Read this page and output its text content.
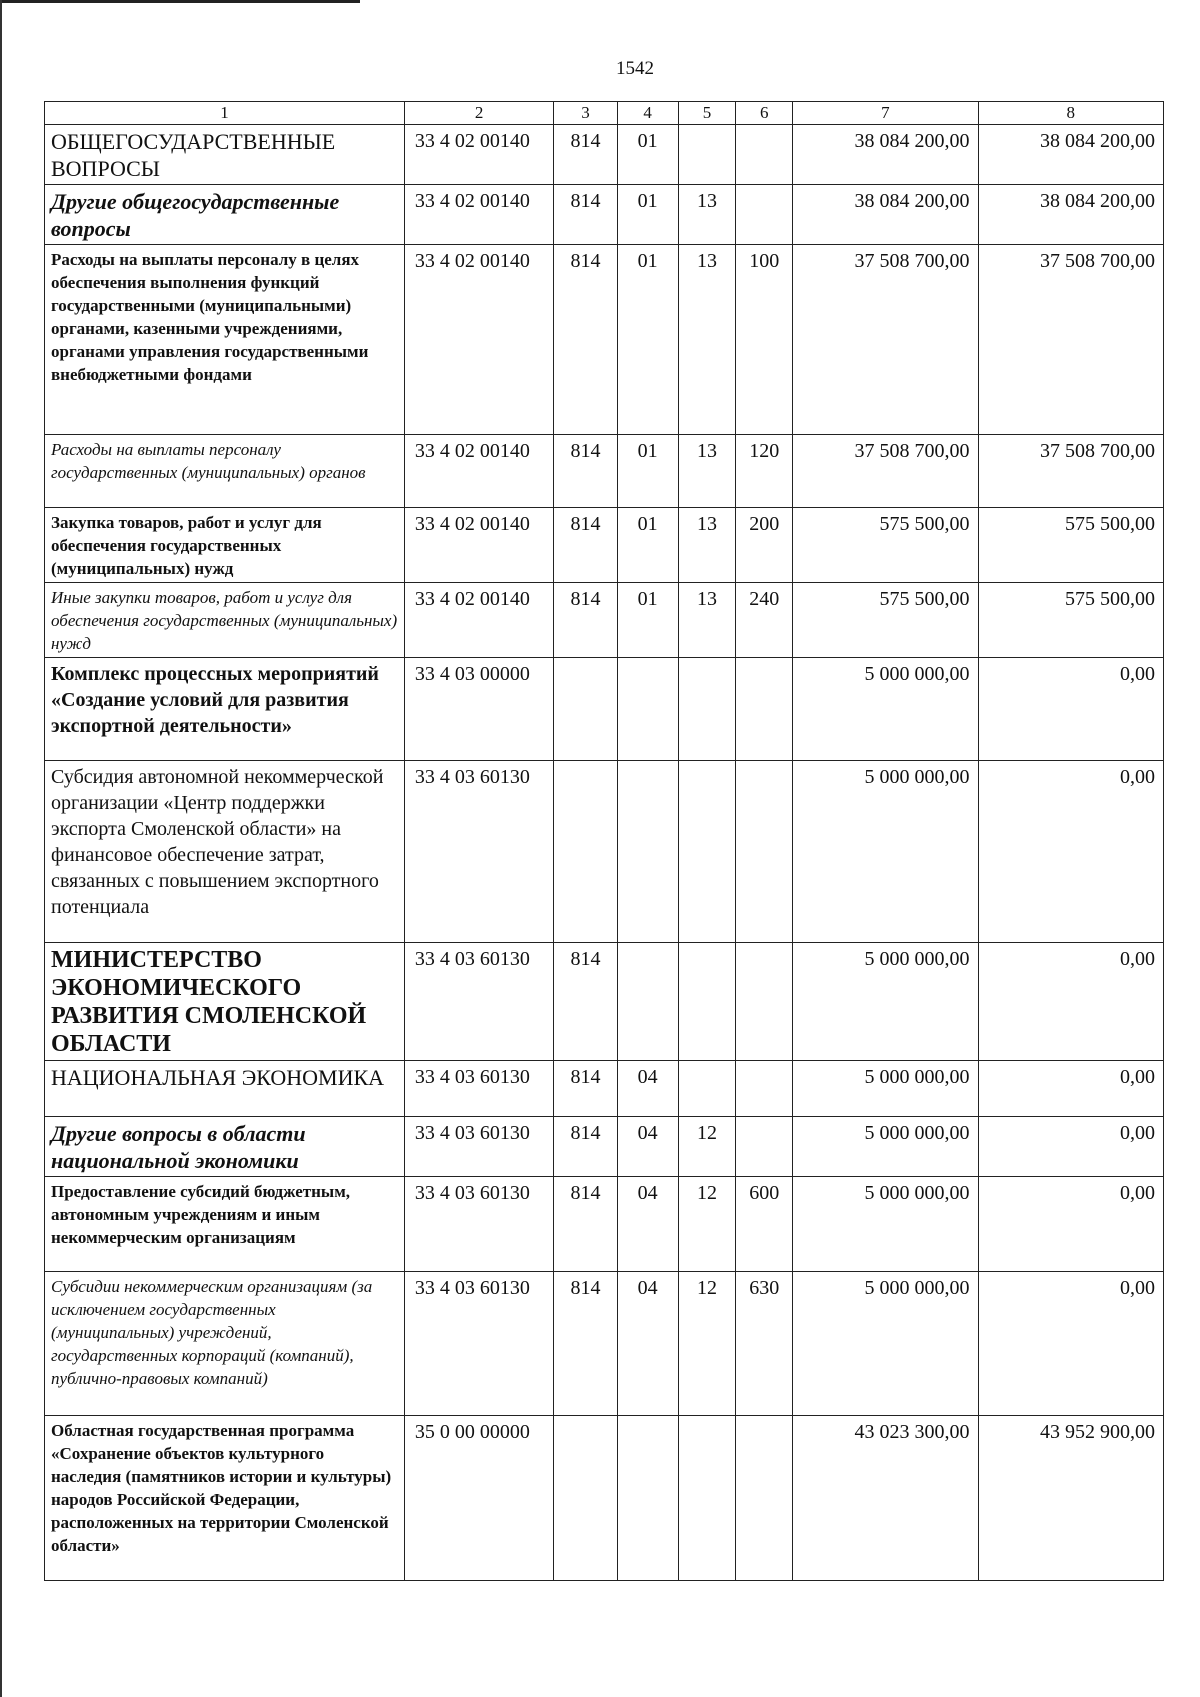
1542
1	2	3	4	5	6	7	8
ОБЩЕГОСУДАРСТВЕННЫЕ ВОПРОСЫ	33 4 02 00140	814	01			38 084 200,00	38 084 200,00
Другие общегосударственные вопросы	33 4 02 00140	814	01	13		38 084 200,00	38 084 200,00
Расходы на выплаты персоналу в целях обеспечения выполнения функций государственными (муниципальными) органами, казенными учреждениями, органами управления государственными внебюджетными фондами	33 4 02 00140	814	01	13	100	37 508 700,00	37 508 700,00
Расходы на выплаты персоналу государственных (муниципальных) органов	33 4 02 00140	814	01	13	120	37 508 700,00	37 508 700,00
Закупка товаров, работ и услуг для обеспечения государственных (муниципальных) нужд	33 4 02 00140	814	01	13	200	575 500,00	575 500,00
Иные закупки товаров, работ и услуг для обеспечения государственных (муниципальных) нужд	33 4 02 00140	814	01	13	240	575 500,00	575 500,00
Комплекс процессных мероприятий «Создание условий для развития экспортной деятельности»	33 4 03 00000					5 000 000,00	0,00
Субсидия автономной некоммерческой организации «Центр поддержки экспорта Смоленской области» на финансовое обеспечение затрат, связанных с повышением экспортного потенциала	33 4 03 60130					5 000 000,00	0,00
МИНИСТЕРСТВО ЭКОНОМИЧЕСКОГО РАЗВИТИЯ СМОЛЕНСКОЙ ОБЛАСТИ	33 4 03 60130	814				5 000 000,00	0,00
НАЦИОНАЛЬНАЯ ЭКОНОМИКА	33 4 03 60130	814	04			5 000 000,00	0,00
Другие вопросы в области национальной экономики	33 4 03 60130	814	04	12		5 000 000,00	0,00
Предоставление субсидий бюджетным, автономным учреждениям и иным некоммерческим организациям	33 4 03 60130	814	04	12	600	5 000 000,00	0,00
Субсидии некоммерческим организациям (за исключением государственных (муниципальных) учреждений, государственных корпораций (компаний), публично-правовых компаний)	33 4 03 60130	814	04	12	630	5 000 000,00	0,00
Областная государственная программа «Сохранение объектов культурного наследия (памятников истории и культуры) народов Российской Федерации, расположенных на территории Смоленской области»	35 0 00 00000					43 023 300,00	43 952 900,00
